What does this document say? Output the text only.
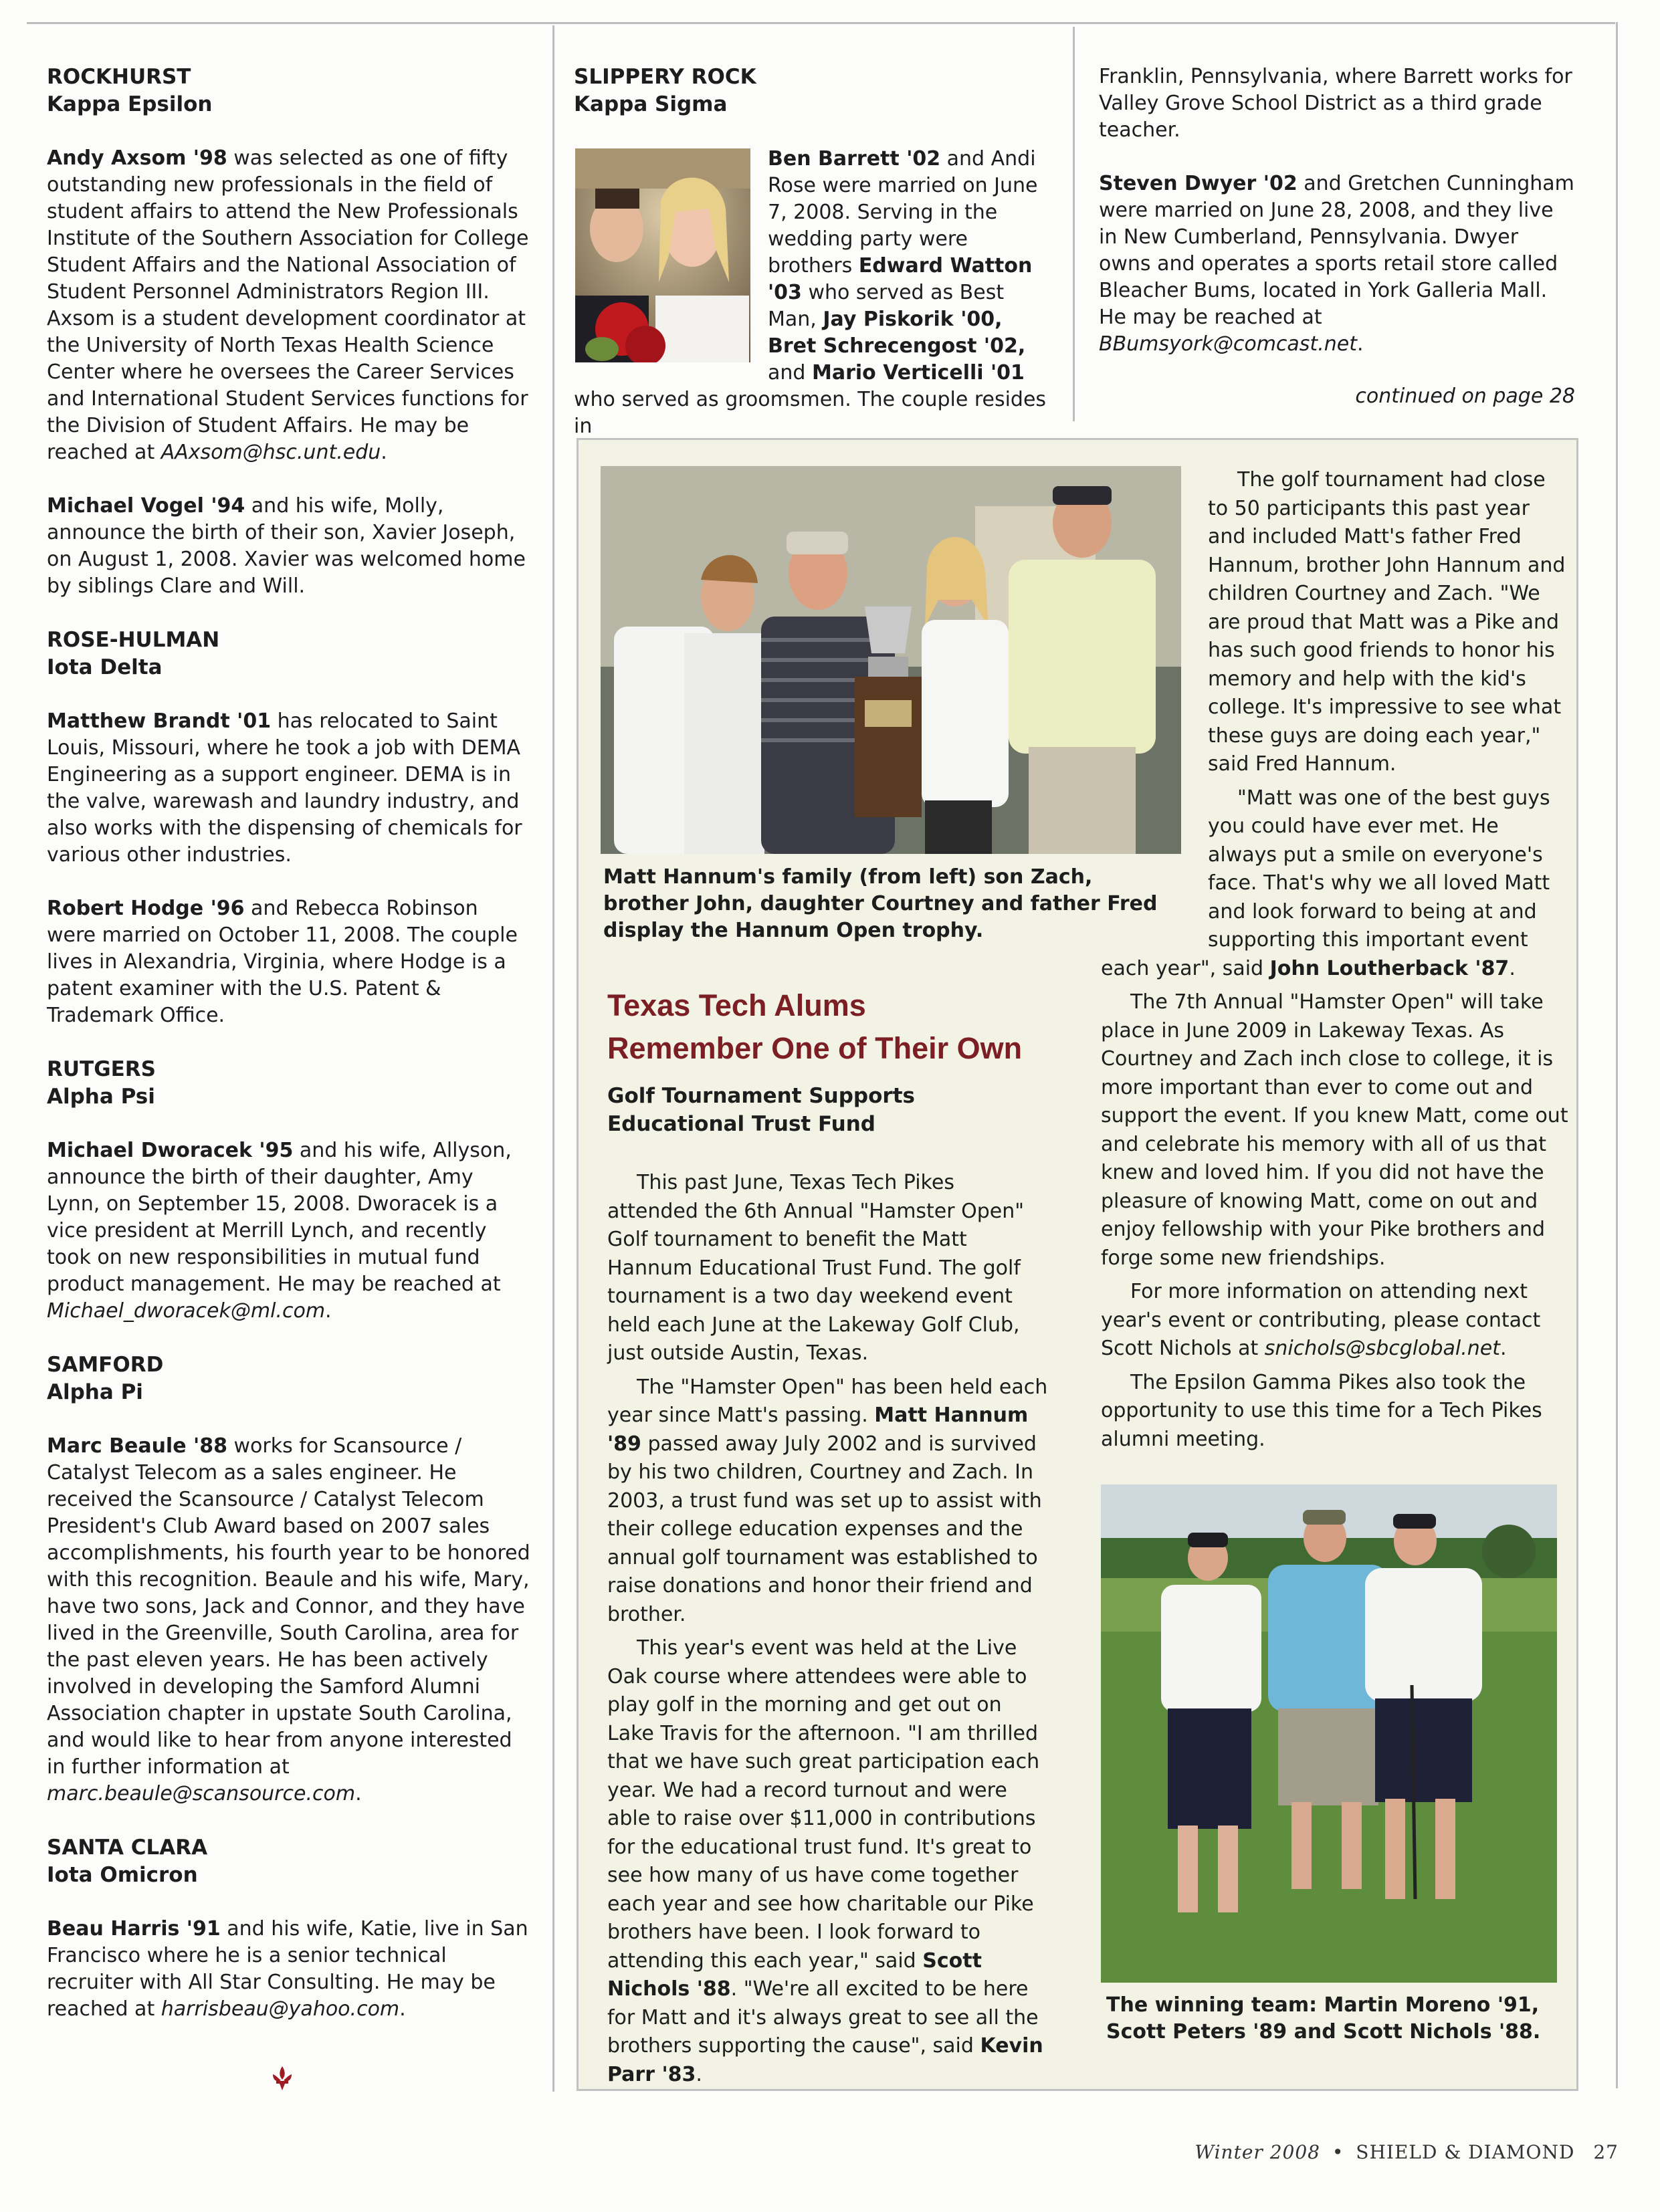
ROCKHURST

Kappa Epsilon

Andy Axsom '98 was selected as one of fifty outstanding new professionals in the field of student affairs to attend the New Professionals Institute of the Southern Association for College Student Affairs and the National Association of Student Personnel Administrators Region III. Axsom is a student development coordinator at the University of North Texas Health Science Center where he oversees the Career Services and International Student Services functions for the Division of Student Affairs. He may be reached at AAxsom@hsc.unt.edu.

Michael Vogel '94 and his wife, Molly, announce the birth of their son, Xavier Joseph, on August 1, 2008. Xavier was welcomed home by siblings Clare and Will.

ROSE-HULMAN

Iota Delta

Matthew Brandt '01 has relocated to Saint Louis, Missouri, where he took a job with DEMA Engineering as a support engineer. DEMA is in the valve, warewash and laundry industry, and also works with the dispensing of chemicals for various other industries.

Robert Hodge '96 and Rebecca Robinson were married on October 11, 2008. The couple lives in Alexandria, Virginia, where Hodge is a patent examiner with the U.S. Patent & Trademark Office.

RUTGERS

Alpha Psi

Michael Dworacek '95 and his wife, Allyson, announce the birth of their daughter, Amy Lynn, on September 15, 2008. Dworacek is a vice president at Merrill Lynch, and recently took on new responsibilities in mutual fund product management. He may be reached at Michael_dworacek@ml.com.

SAMFORD

Alpha Pi

Marc Beaule '88 works for Scansource / Catalyst Telecom as a sales engineer. He received the Scansource / Catalyst Telecom President's Club Award based on 2007 sales accomplishments, his fourth year to be honored with this recognition. Beaule and his wife, Mary, have two sons, Jack and Connor, and they have lived in the Greenville, South Carolina, area for the past eleven years. He has been actively involved in developing the Samford Alumni Association chapter in upstate South Carolina, and would like to hear from anyone interested in further information at marc.beaule@scansource.com.

SANTA CLARA

Iota Omicron

Beau Harris '91 and his wife, Katie, live in San Francisco where he is a senior technical recruiter with All Star Consulting. He may be reached at harrisbeau@yahoo.com.

SLIPPERY ROCK

Kappa Sigma

Ben Barrett '02 and Andi Rose were married on June 7, 2008. Serving in the wedding party were brothers Edward Watton '03 who served as Best Man, Jay Piskorik '00, Bret Schrecengost '02, and Mario Verticelli '01 who served as groomsmen. The couple resides in

Franklin, Pennsylvania, where Barrett works for Valley Grove School District as a third grade teacher.

Steven Dwyer '02 and Gretchen Cunningham were married on June 28, 2008, and they live in New Cumberland, Pennsylvania. Dwyer owns and operates a sports retail store called Bleacher Bums, located in York Galleria Mall. He may be reached at BBumsyork@comcast.net.

continued on page 28
Matt Hannum's family (from left) son Zach, brother John, daughter Courtney and father Fred display the Hannum Open trophy.

Texas Tech Alums
Remember One of Their Own

Golf Tournament Supports Educational Trust Fund

This past June, Texas Tech Pikes attended the 6th Annual "Hamster Open" Golf tournament to benefit the Matt Hannum Educational Trust Fund. The golf tournament is a two day weekend event held each June at the Lakeway Golf Club, just outside Austin, Texas.

The "Hamster Open" has been held each year since Matt's passing. Matt Hannum '89 passed away July 2002 and is survived by his two children, Courtney and Zach. In 2003, a trust fund was set up to assist with their college education expenses and the annual golf tournament was established to raise donations and honor their friend and brother.

This year's event was held at the Live Oak course where attendees were able to play golf in the morning and get out on Lake Travis for the afternoon. "I am thrilled that we have such great participation each year. We had a record turnout and were able to raise over $11,000 in contributions for the educational trust fund. It's great to see how many of us have come together each year and see how charitable our Pike brothers have been. I look forward to attending this each year," said Scott Nichols '88. "We're all excited to be here for Matt and it's always great to see all the brothers supporting the cause", said Kevin Parr '83.

The golf tournament had close to 50 participants this past year and included Matt's father Fred Hannum, brother John Hannum and children Courtney and Zach. "We are proud that Matt was a Pike and has such good friends to honor his memory and help with the kid's college. It's impressive to see what these guys are doing each year," said Fred Hannum.

"Matt was one of the best guys you could have ever met. He always put a smile on everyone's face. That's why we all loved Matt and look forward to being at and supporting this important event

each year", said John Loutherback '87.

The 7th Annual "Hamster Open" will take place in June 2009 in Lakeway Texas. As Courtney and Zach inch close to college, it is more important than ever to come out and support the event. If you knew Matt, come out and celebrate his memory with all of us that knew and loved him. If you did not have the pleasure of knowing Matt, come on out and enjoy fellowship with your Pike brothers and forge some new friendships.

For more information on attending next year's event or contributing, please contact Scott Nichols at snichols@sbcglobal.net.

The Epsilon Gamma Pikes also took the opportunity to use this time for a Tech Pikes alumni meeting.

The winning team: Martin Moreno '91, Scott Peters '89 and Scott Nichols '88.
Winter 2008 • SHIELD & DIAMOND 27
